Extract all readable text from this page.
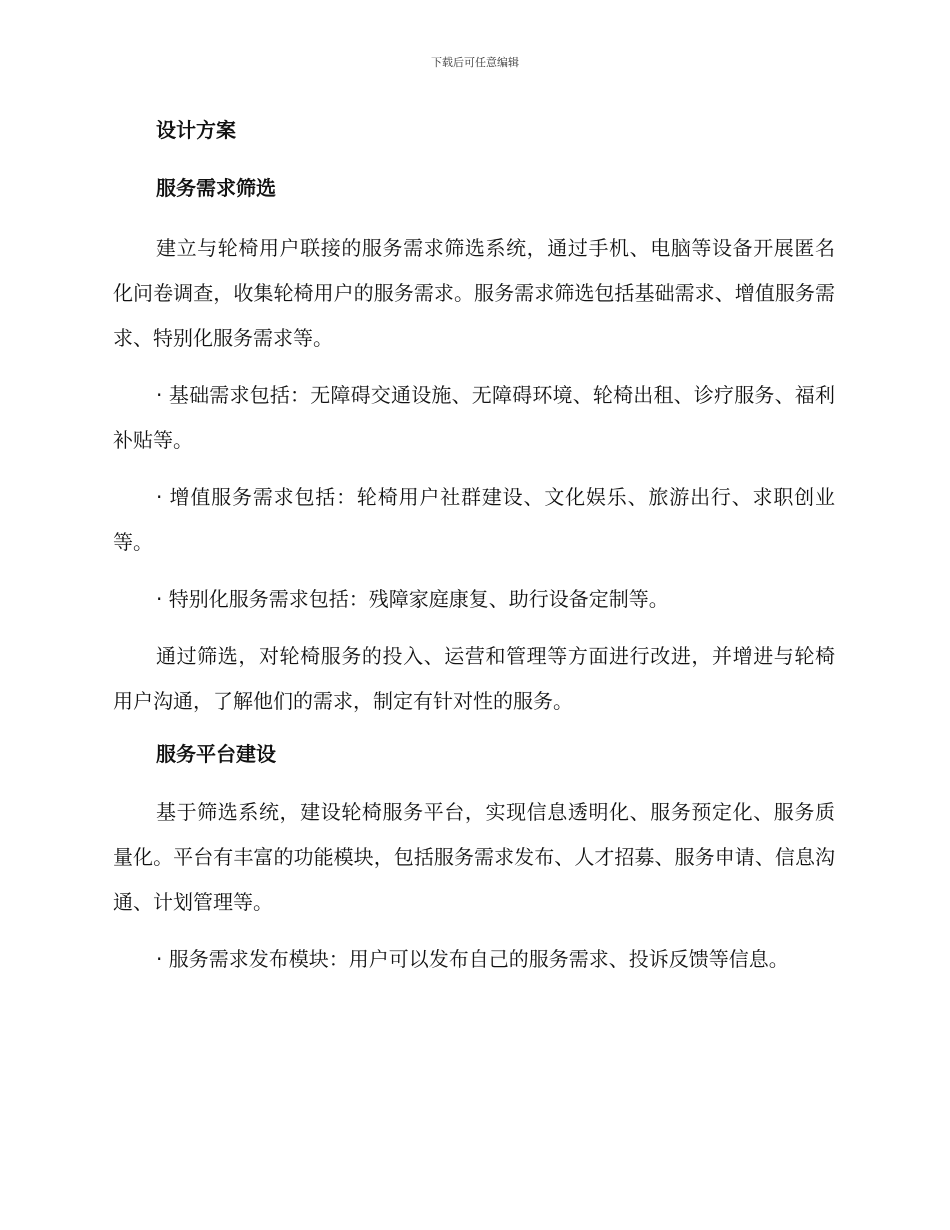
下载后可任意编辑

设计方案

服务需求筛选

建立与轮椅用户联接的服务需求筛选系统，通过手机、电脑等设备开展匿名化问卷调查，收集轮椅用户的服务需求。服务需求筛选包括基础需求、增值服务需求、特别化服务需求等。

· 基础需求包括：无障碍交通设施、无障碍环境、轮椅出租、诊疗服务、福利补贴等。

· 增值服务需求包括：轮椅用户社群建设、文化娱乐、旅游出行、求职创业等。

· 特别化服务需求包括：残障家庭康复、助行设备定制等。

通过筛选，对轮椅服务的投入、运营和管理等方面进行改进，并增进与轮椅用户沟通，了解他们的需求，制定有针对性的服务。

服务平台建设

基于筛选系统，建设轮椅服务平台，实现信息透明化、服务预定化、服务质量化。平台有丰富的功能模块，包括服务需求发布、人才招募、服务申请、信息沟通、计划管理等。

· 服务需求发布模块：用户可以发布自己的服务需求、投诉反馈等信息。
